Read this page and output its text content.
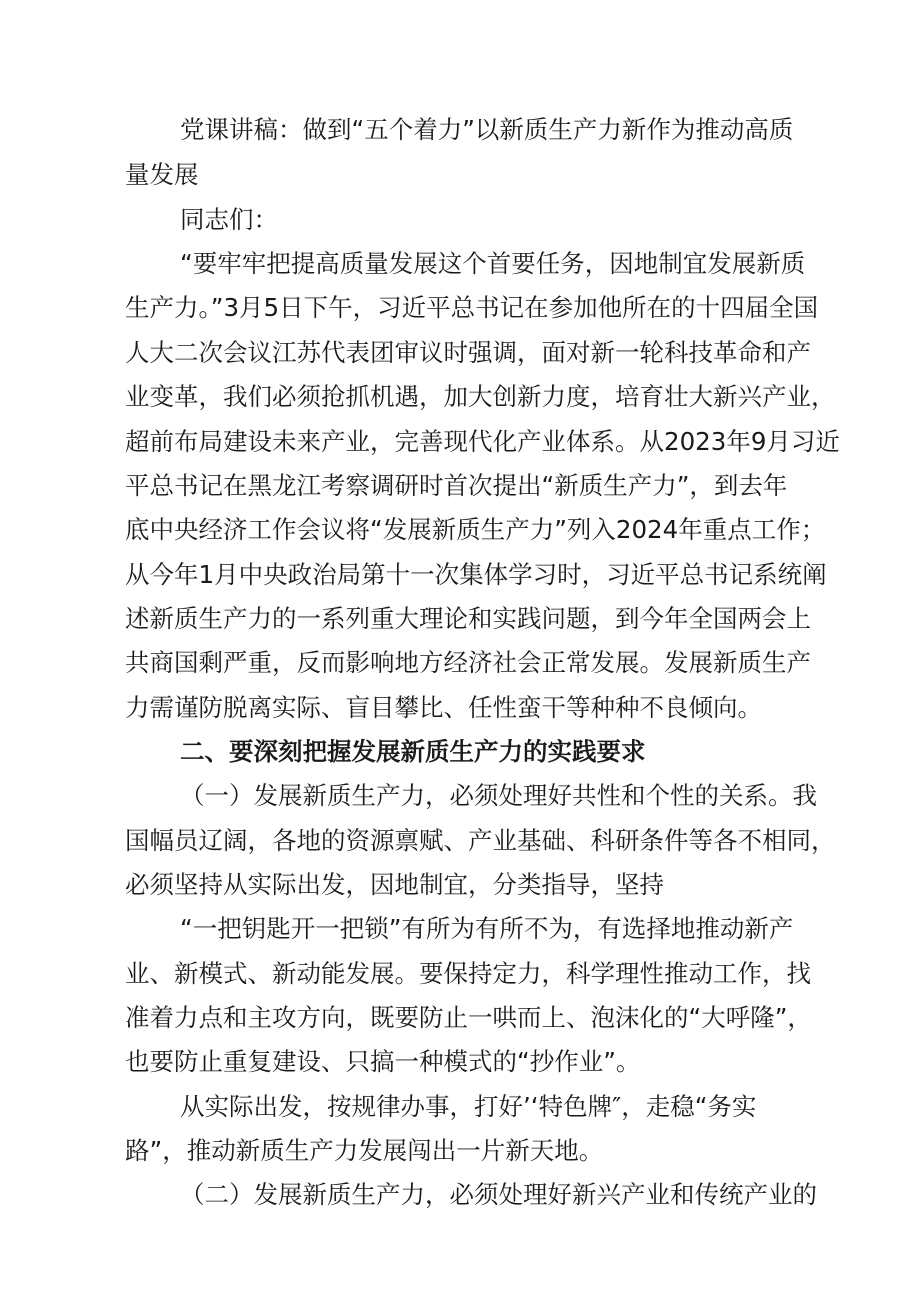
党课讲稿：做到“五个着力”以新质生产力新作为推动高质
量发展
同志们：
“要牢牢把提高质量发展这个首要任务，因地制宜发展新质
生产力。”3月5日下午，习近平总书记在参加他所在的十四届全国
人大二次会议江苏代表团审议时强调，面对新一轮科技革命和产
业变革，我们必须抢抓机遇，加大创新力度，培育壮大新兴产业，
超前布局建设未来产业，完善现代化产业体系。从2023年9月习近
平总书记在黑龙江考察调研时首次提出“新质生产力”，到去年
底中央经济工作会议将“发展新质生产力”列入2024年重点工作；
从今年1月中央政治局第十一次集体学习时，习近平总书记系统阐
述新质生产力的一系列重大理论和实践问题，到今年全国两会上
共商国剩严重，反而影响地方经济社会正常发展。发展新质生产
力需谨防脱离实际、盲目攀比、任性蛮干等种种不良倾向。
二、要深刻把握发展新质生产力的实践要求
（一）发展新质生产力，必须处理好共性和个性的关系。我
国幅员辽阔，各地的资源禀赋、产业基础、科研条件等各不相同，
必须坚持从实际出发，因地制宜，分类指导，坚持
“一把钥匙开一把锁”有所为有所不为，有选择地推动新产
业、新模式、新动能发展。要保持定力，科学理性推动工作，找
准着力点和主攻方向，既要防止一哄而上、泡沫化的“大呼隆”，
也要防止重复建设、只搞一种模式的“抄作业”。
从实际出发，按规律办事，打好’‘特色牌″，走稳“务实
路”，推动新质生产力发展闯出一片新天地。
（二）发展新质生产力，必须处理好新兴产业和传统产业的
